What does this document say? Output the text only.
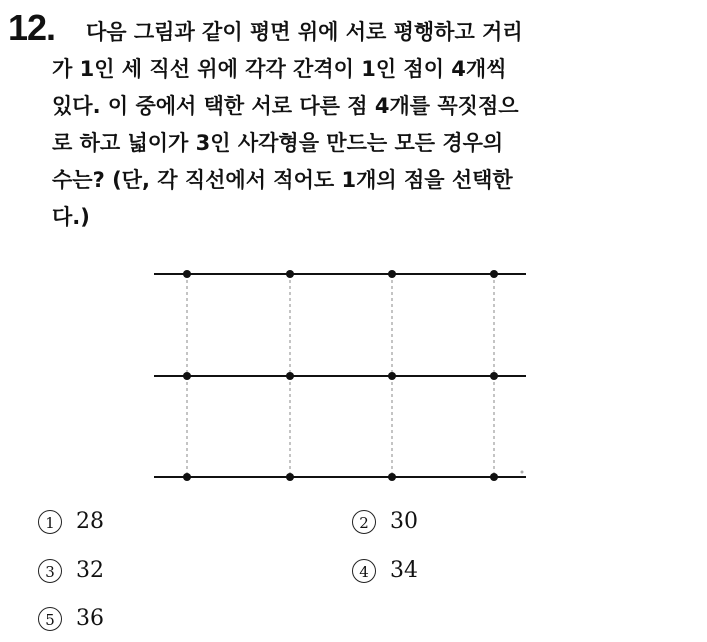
12.	다음 그림과 같이 평면 위에 서로 평행하고 거리
가 1인 세 직선 위에 각각 간격이 1인 점이 4개씩
있다. 이 중에서 택한 서로 다른 점 4개를 꼭짓점으
로 하고 넓이가 3인 사각형을 만드는 모든 경우의
수는? (단, 각 직선에서 적어도 1개의 점을 선택한
다.)
1 28	2 30
3 32	4 34
5 36
